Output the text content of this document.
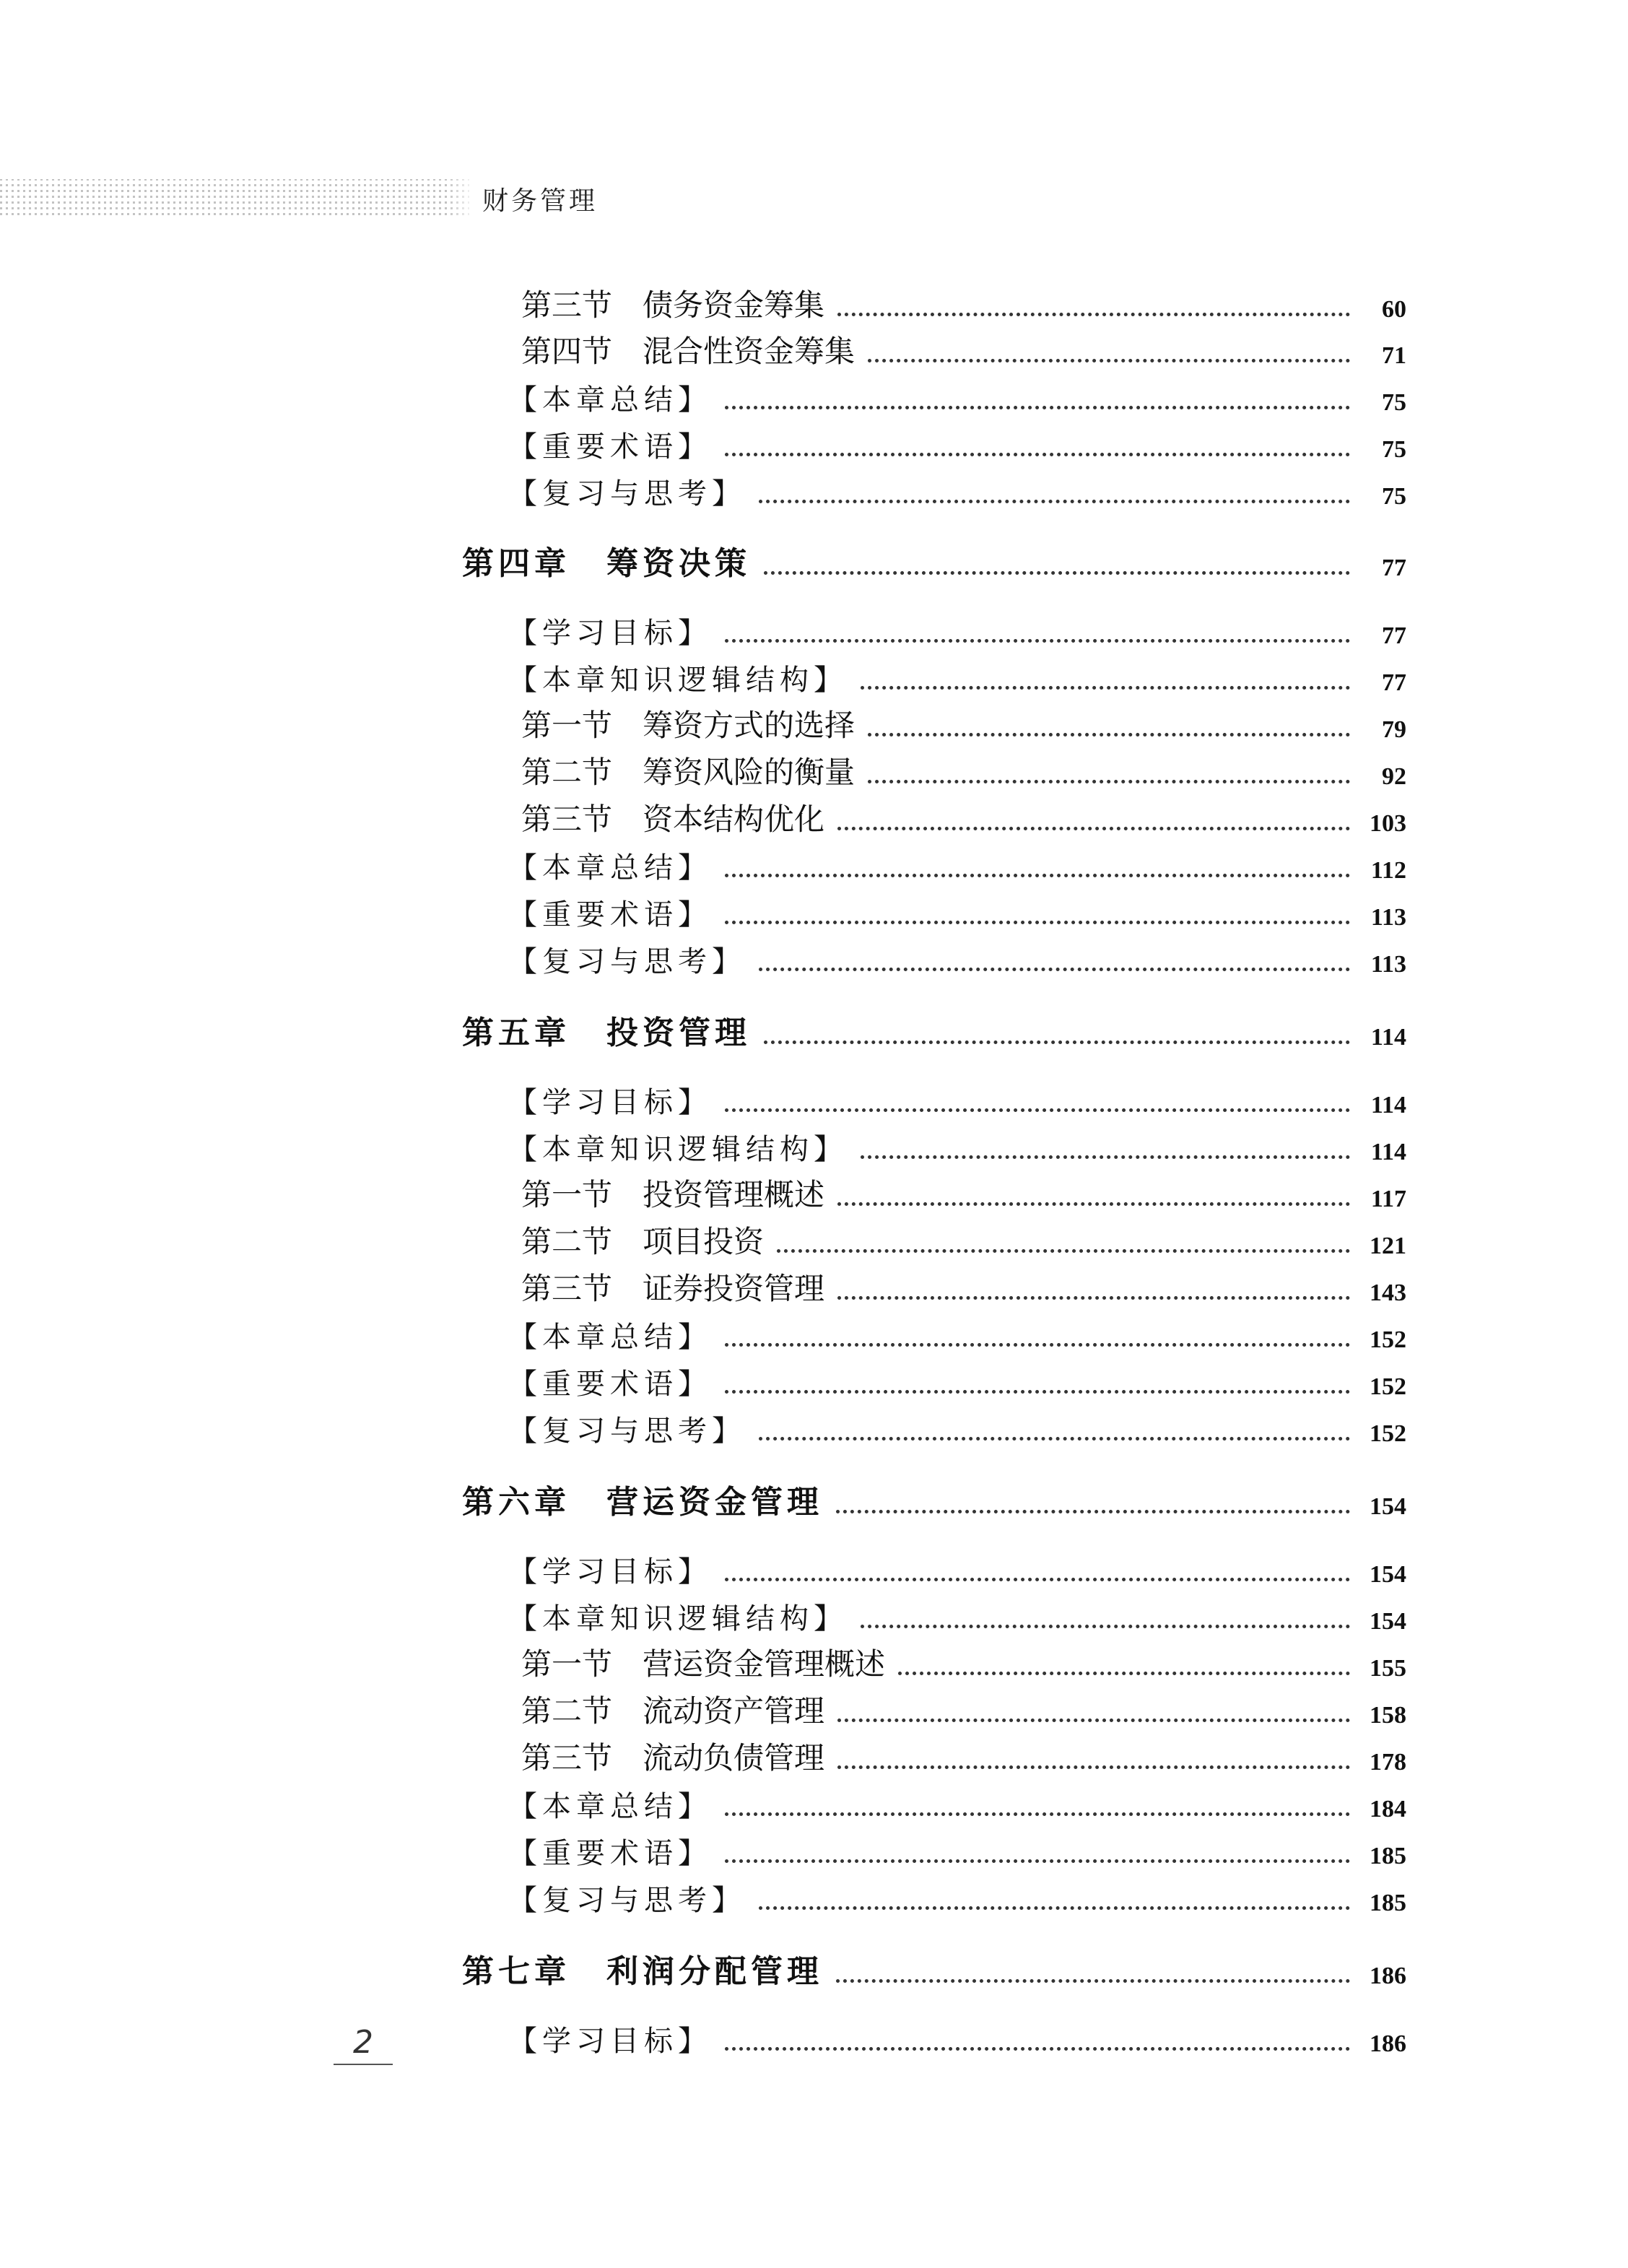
财务管理
第三节　债务资金筹集	60
第四节　混合性资金筹集	71
【本章总结】	75
【重要术语】	75
【复习与思考】	75
第四章　筹资决策	77
【学习目标】	77
【本章知识逻辑结构】	77
第一节　筹资方式的选择	79
第二节　筹资风险的衡量	92
第三节　资本结构优化	103
【本章总结】	112
【重要术语】	113
【复习与思考】	113
第五章　投资管理	114
【学习目标】	114
【本章知识逻辑结构】	114
第一节　投资管理概述	117
第二节　项目投资	121
第三节　证券投资管理	143
【本章总结】	152
【重要术语】	152
【复习与思考】	152
第六章　营运资金管理	154
【学习目标】	154
【本章知识逻辑结构】	154
第一节　营运资金管理概述	155
第二节　流动资产管理	158
第三节　流动负债管理	178
【本章总结】	184
【重要术语】	185
【复习与思考】	185
第七章　利润分配管理	186
【学习目标】	186
2
